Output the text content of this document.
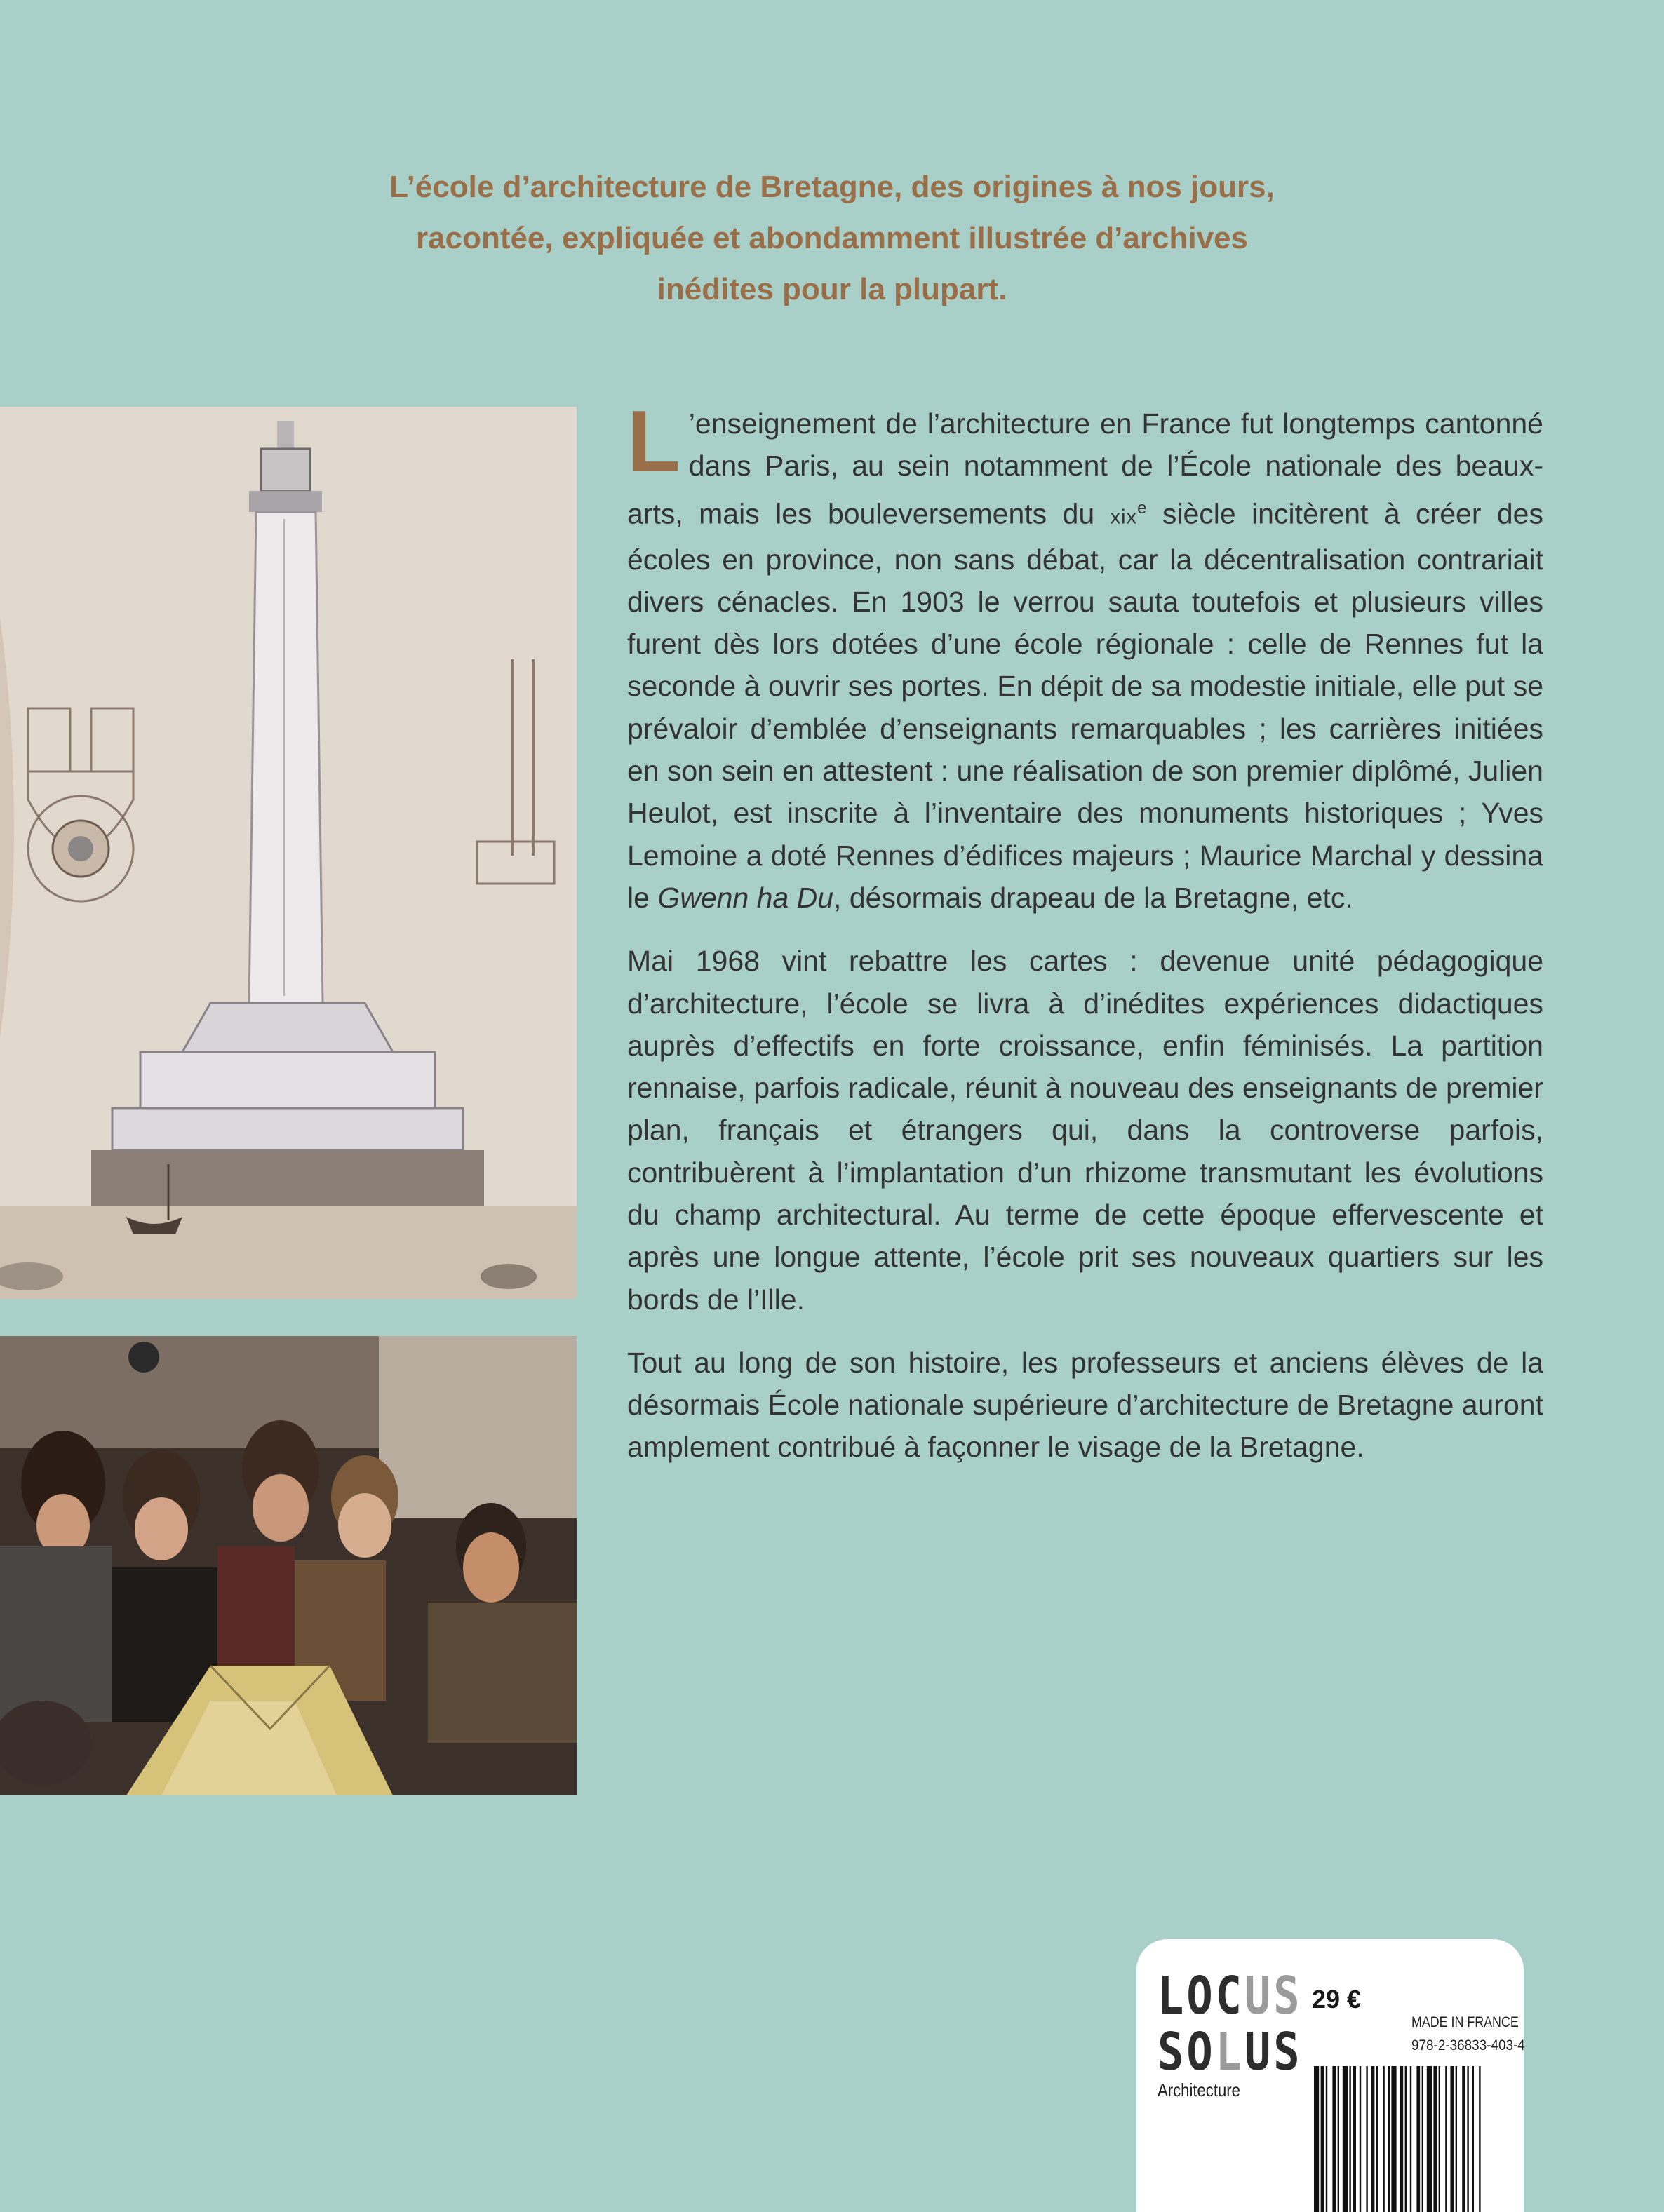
L’école d’architecture de Bretagne, des origines à nos jours,
racontée, expliquée et abondamment illustrée d’archives
inédites pour la plupart.

L ’enseignement de l’architecture en France fut longtemps cantonné dans Paris, au sein notamment de l’École nationale des beaux-arts, mais les bouleversements du xix$^e$ siècle incitèrent à créer des écoles en province, non sans débat, car la décentralisation contrariait divers cénacles. En 1903 le verrou sauta toutefois et plusieurs villes furent dès lors dotées d’une école régionale : celle de Rennes fut la seconde à ouvrir ses portes. En dépit de sa modestie initiale, elle put se prévaloir d’emblée d’enseignants remarquables ; les carrières initiées en son sein en attestent : une réalisation de son premier diplômé, Julien Heulot, est inscrite à l’inventaire des monuments historiques ; Yves Lemoine a doté Rennes d’édifices majeurs ; Maurice Marchal y dessina le Gwenn ha Du, désormais drapeau de la Bretagne, etc.

Mai 1968 vint rebattre les cartes : devenue unité pédagogique d’architecture, l’école se livra à d’inédites expériences didactiques auprès d’effectifs en forte croissance, enfin féminisés. La partition rennaise, parfois radicale, réunit à nouveau des enseignants de premier plan, français et étrangers qui, dans la controverse parfois, contribuèrent à l’implantation d’un rhizome transmutant les évolutions du champ architectural. Au terme de cette époque effervescente et après une longue attente, l’école prit ses nouveaux quartiers sur les bords de l’Ille.

Tout au long de son histoire, les professeurs et anciens élèves de la désormais École nationale supérieure d’architecture de Bretagne auront amplement contribué à façonner le visage de la Bretagne.

LOCUS
SOLUS
Architecture
29 €
MADE IN FRANCE
978-2-36833-403-4
